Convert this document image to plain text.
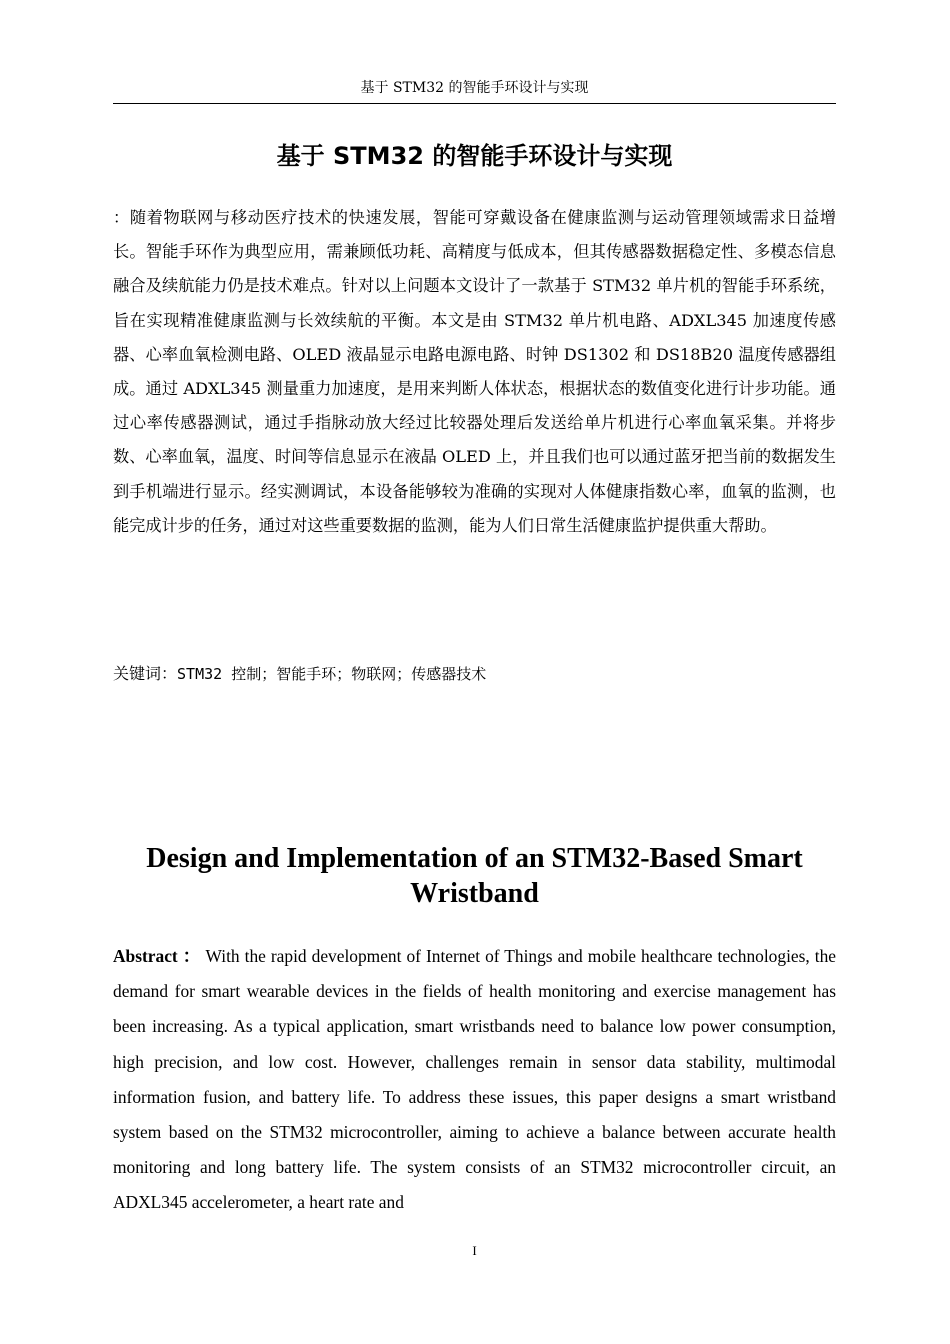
基于 STM32 的智能手环设计与实现
基于 STM32 的智能手环设计与实现

：随着物联网与移动医疗技术的快速发展，智能可穿戴设备在健康监测与运动管理领域需求日益增长。智能手环作为典型应用，需兼顾低功耗、高精度与低成本，但其传感器数据稳定性、多模态信息融合及续航能力仍是技术难点。针对以上问题本文设计了一款基于 STM32 单片机的智能手环系统，旨在实现精准健康监测与长效续航的平衡。本文是由 STM32 单片机电路、ADXL345 加速度传感器、心率血氧检测电路、OLED 液晶显示电路电源电路、时钟 DS1302 和 DS18B20 温度传感器组成。通过 ADXL345 测量重力加速度，是用来判断人体状态，根据状态的数值变化进行计步功能。通过心率传感器测试，通过手指脉动放大经过比较器处理后发送给单片机进行心率血氧采集。并将步数、心率血氧，温度、时间等信息显示在液晶 OLED 上，并且我们也可以通过蓝牙把当前的数据发生到手机端进行显示。经实测调试，本设备能够较为准确的实现对人体健康指数心率，血氧的监测，也能完成计步的任务，通过对这些重要数据的监测，能为人们日常生活健康监护提供重大帮助。

关键词：STM32 控制；智能手环；物联网；传感器技术
Design and Implementation of an STM32-Based Smart Wristband

Abstract ： With the rapid development of Internet of Things and mobile healthcare technologies, the demand for smart wearable devices in the fields of health monitoring and exercise management has been increasing. As a typical application, smart wristbands need to balance low power consumption, high precision, and low cost. However, challenges remain in sensor data stability, multimodal information fusion, and battery life. To address these issues, this paper designs a smart wristband system based on the STM32 microcontroller, aiming to achieve a balance between accurate health monitoring and long battery life. The system consists of an STM32 microcontroller circuit, an ADXL345 accelerometer, a heart rate and

I
